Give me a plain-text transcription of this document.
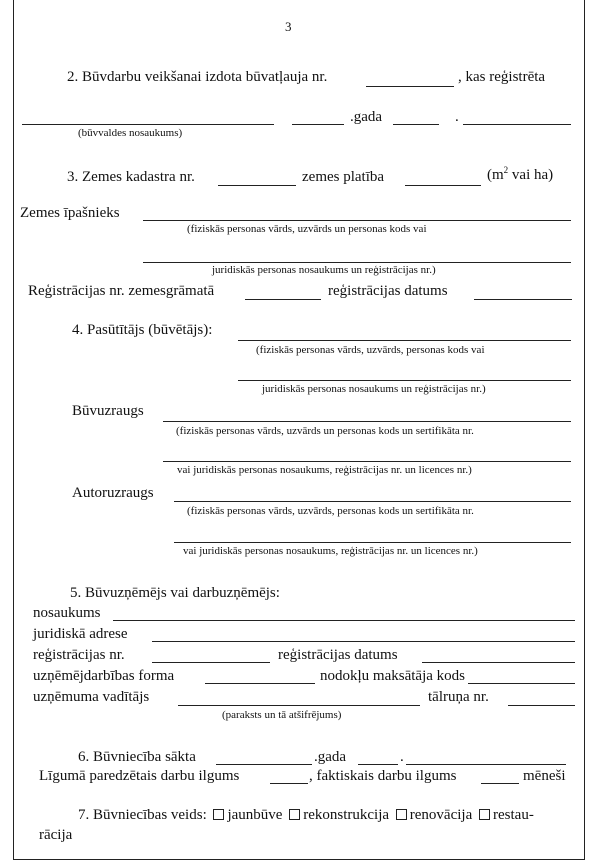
3
2. Būvdarbu veikšanai izdota būvatļauja nr.	, kas reģistrēta
.gada	.
(būvvaldes nosaukums)
3. Zemes kadastra nr.	zemes platība	($m^2$ vai ha)
Zemes īpašnieks
(fiziskās personas vārds, uzvārds un personas kods vai
juridiskās personas nosaukums un reģistrācijas nr.)
Reģistrācijas nr. zemesgrāmatā	reģistrācijas datums
4. Pasūtītājs (būvētājs):
(fiziskās personas vārds, uzvārds, personas kods vai
juridiskās personas nosaukums un reģistrācijas nr.)
Būvuzraugs
(fiziskās personas vārds, uzvārds un personas kods un sertifikāta nr.
vai juridiskās personas nosaukums, reģistrācijas nr. un licences nr.)
Autoruzraugs
(fiziskās personas vārds, uzvārds, personas kods un sertifikāta nr.
vai juridiskās personas nosaukums, reģistrācijas nr. un licences nr.)
5. Būvuzņēmējs vai darbuzņēmējs:
nosaukums
juridiskā adrese
reģistrācijas nr.	reģistrācijas datums
uzņēmējdarbības forma	nodokļu maksātāja kods
uzņēmuma vadītājs	tālruņa nr.
(paraksts un tā atšifrējums)
6. Būvniecība sākta	.gada	.
Līgumā paredzētais darbu ilgums	, faktiskais darbu ilgums	mēneši
7. Būvniecības veids: jaunbūve rekonstrukcija renovācija restau-
rācija
